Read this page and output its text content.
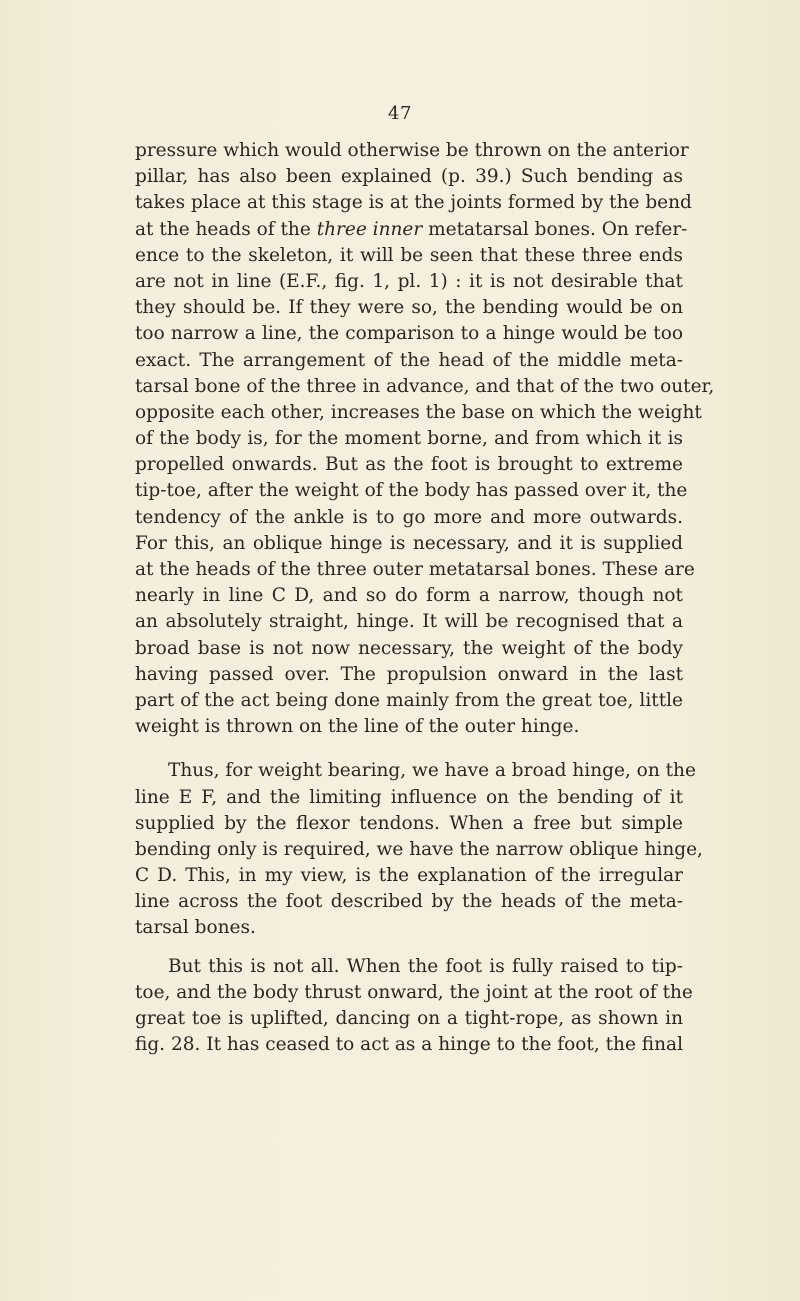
47
pressure which would otherwise be thrown on the anterior
pillar, has also been explained (p. 39.) Such bending as
takes place at this stage is at the joints formed by the bend
at the heads of the three inner metatarsal bones. On refer-
ence to the skeleton, it will be seen that these three ends
are not in line (E.F., fig. 1, pl. 1) : it is not desirable that
they should be. If they were so, the bending would be on
too narrow a line, the comparison to a hinge would be too
exact. The arrangement of the head of the middle meta-
tarsal bone of the three in advance, and that of the two outer,
opposite each other, increases the base on which the weight
of the body is, for the moment borne, and from which it is
propelled onwards. But as the foot is brought to extreme
tip-toe, after the weight of the body has passed over it, the
tendency of the ankle is to go more and more outwards.
For this, an oblique hinge is necessary, and it is supplied
at the heads of the three outer metatarsal bones. These are
nearly in line C D, and so do form a narrow, though not
an absolutely straight, hinge. It will be recognised that a
broad base is not now necessary, the weight of the body
having passed over. The propulsion onward in the last
part of the act being done mainly from the great toe, little
weight is thrown on the line of the outer hinge.
Thus, for weight bearing, we have a broad hinge, on the
line E F, and the limiting influence on the bending of it
supplied by the flexor tendons. When a free but simple
bending only is required, we have the narrow oblique hinge,
C D. This, in my view, is the explanation of the irregular
line across the foot described by the heads of the meta-
tarsal bones.
But this is not all. When the foot is fully raised to tip-
toe, and the body thrust onward, the joint at the root of the
great toe is uplifted, dancing on a tight-rope, as shown in
fig. 28. It has ceased to act as a hinge to the foot, the final
